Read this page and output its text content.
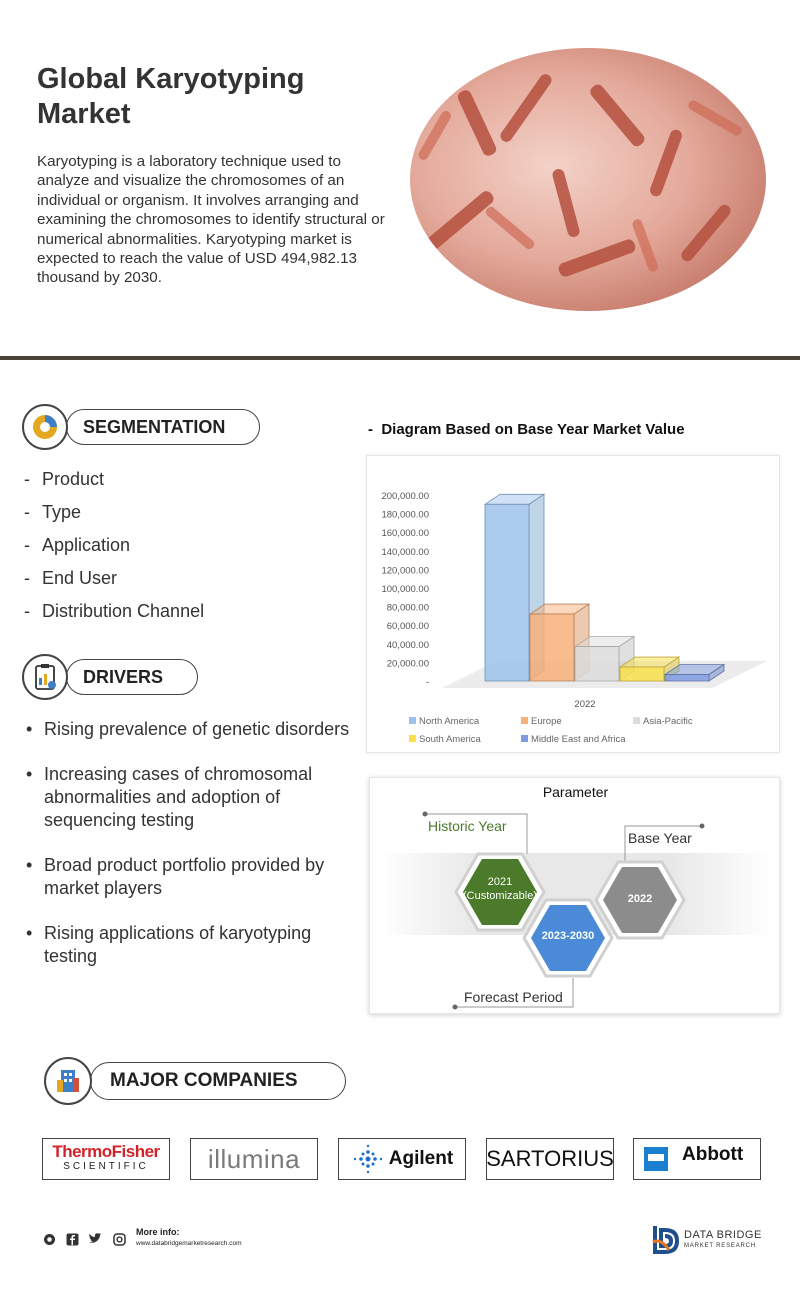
Global Karyotyping Market
Karyotyping is a laboratory technique used to analyze and visualize the chromosomes of an individual or organism. It involves arranging and examining the chromosomes to identify structural or numerical abnormalities. Karyotyping market is expected to reach the value of USD 494,982.13 thousand by 2030.
SEGMENTATION
- Product
- Type
- Application
- End User
- Distribution Channel
DRIVERS
• Rising prevalence of genetic disorders
• Increasing cases of chromosomal abnormalities and adoption of sequencing testing
• Broad product portfolio provided by market players
• Rising applications of karyotyping testing
-  Diagram Based on Base Year Market Value
200,000.00
180,000.00
160,000.00
140,000.00
120,000.00
100,000.00
80,000.00
60,000.00
40,000.00
20,000.00
-
2022
North America	Europe	Asia-Pacific
South America	Middle East and Africa
Parameter
Historic Year
Base Year
Forecast Period
2021
(Customizable)
2023-2030
2022
MAJOR COMPANIES
ThermoFisher
SCIENTIFIC	illumina	Agilent SARTORIUS	Abbott
More info:
www.databridgemarketresearch.com
DATA BRIDGE
MARKET RESEARCH
